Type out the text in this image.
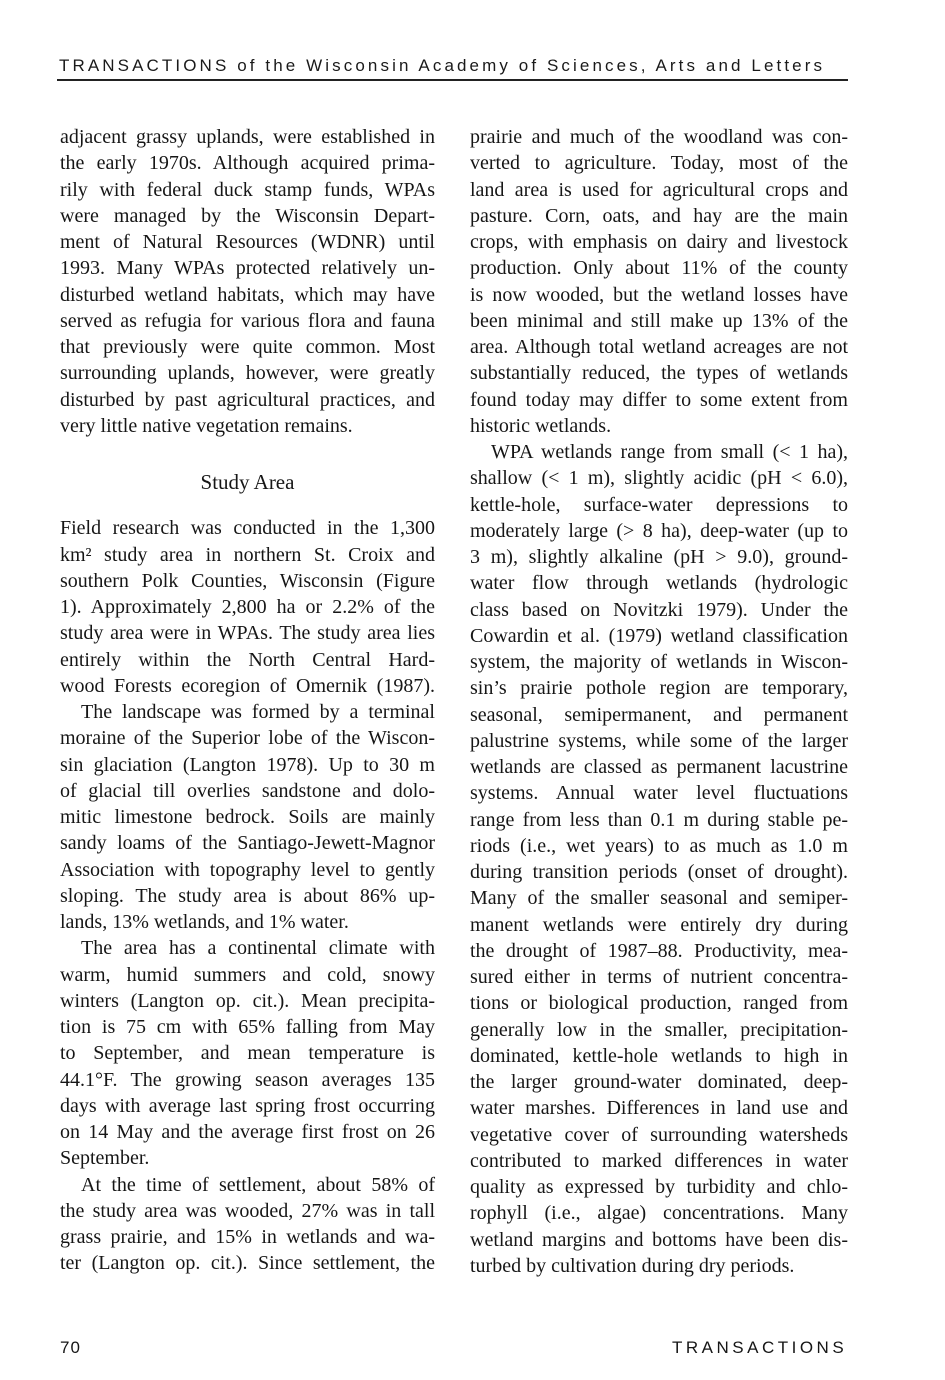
TRANSACTIONS of the Wisconsin Academy of Sciences, Arts and Letters
adjacent grassy uplands, were established in
the early 1970s. Although acquired prima-
rily with federal duck stamp funds, WPAs
were managed by the Wisconsin Depart-
ment of Natural Resources (WDNR) until
1993. Many WPAs protected relatively un-
disturbed wetland habitats, which may have
served as refugia for various flora and fauna
that previously were quite common. Most
surrounding uplands, however, were greatly
disturbed by past agricultural practices, and
very little native vegetation remains.
Study Area
Field research was conducted in the 1,300
km² study area in northern St. Croix and
southern Polk Counties, Wisconsin (Figure
1). Approximately 2,800 ha or 2.2% of the
study area were in WPAs. The study area lies
entirely within the North Central Hard-
wood Forests ecoregion of Omernik (1987).
The landscape was formed by a terminal
moraine of the Superior lobe of the Wiscon-
sin glaciation (Langton 1978). Up to 30 m
of glacial till overlies sandstone and dolo-
mitic limestone bedrock. Soils are mainly
sandy loams of the Santiago-Jewett-Magnor
Association with topography level to gently
sloping. The study area is about 86% up-
lands, 13% wetlands, and 1% water.
The area has a continental climate with
warm, humid summers and cold, snowy
winters (Langton op. cit.). Mean precipita-
tion is 75 cm with 65% falling from May
to September, and mean temperature is
44.1°F. The growing season averages 135
days with average last spring frost occurring
on 14 May and the average first frost on 26
September.
At the time of settlement, about 58% of
the study area was wooded, 27% was in tall
grass prairie, and 15% in wetlands and wa-
ter (Langton op. cit.). Since settlement, the
prairie and much of the woodland was con-
verted to agriculture. Today, most of the
land area is used for agricultural crops and
pasture. Corn, oats, and hay are the main
crops, with emphasis on dairy and livestock
production. Only about 11% of the county
is now wooded, but the wetland losses have
been minimal and still make up 13% of the
area. Although total wetland acreages are not
substantially reduced, the types of wetlands
found today may differ to some extent from
historic wetlands.
WPA wetlands range from small (< 1 ha),
shallow (< 1 m), slightly acidic (pH < 6.0),
kettle-hole, surface-water depressions to
moderately large (> 8 ha), deep-water (up to
3 m), slightly alkaline (pH > 9.0), ground-
water flow through wetlands (hydrologic
class based on Novitzki 1979). Under the
Cowardin et al. (1979) wetland classification
system, the majority of wetlands in Wiscon-
sin’s prairie pothole region are temporary,
seasonal, semipermanent, and permanent
palustrine systems, while some of the larger
wetlands are classed as permanent lacustrine
systems. Annual water level fluctuations
range from less than 0.1 m during stable pe-
riods (i.e., wet years) to as much as 1.0 m
during transition periods (onset of drought).
Many of the smaller seasonal and semiper-
manent wetlands were entirely dry during
the drought of 1987–88. Productivity, mea-
sured either in terms of nutrient concentra-
tions or biological production, ranged from
generally low in the smaller, precipitation-
dominated, kettle-hole wetlands to high in
the larger ground-water dominated, deep-
water marshes. Differences in land use and
vegetative cover of surrounding watersheds
contributed to marked differences in water
quality as expressed by turbidity and chlo-
rophyll (i.e., algae) concentrations. Many
wetland margins and bottoms have been dis-
turbed by cultivation during dry periods.
70	TRANSACTIONS
